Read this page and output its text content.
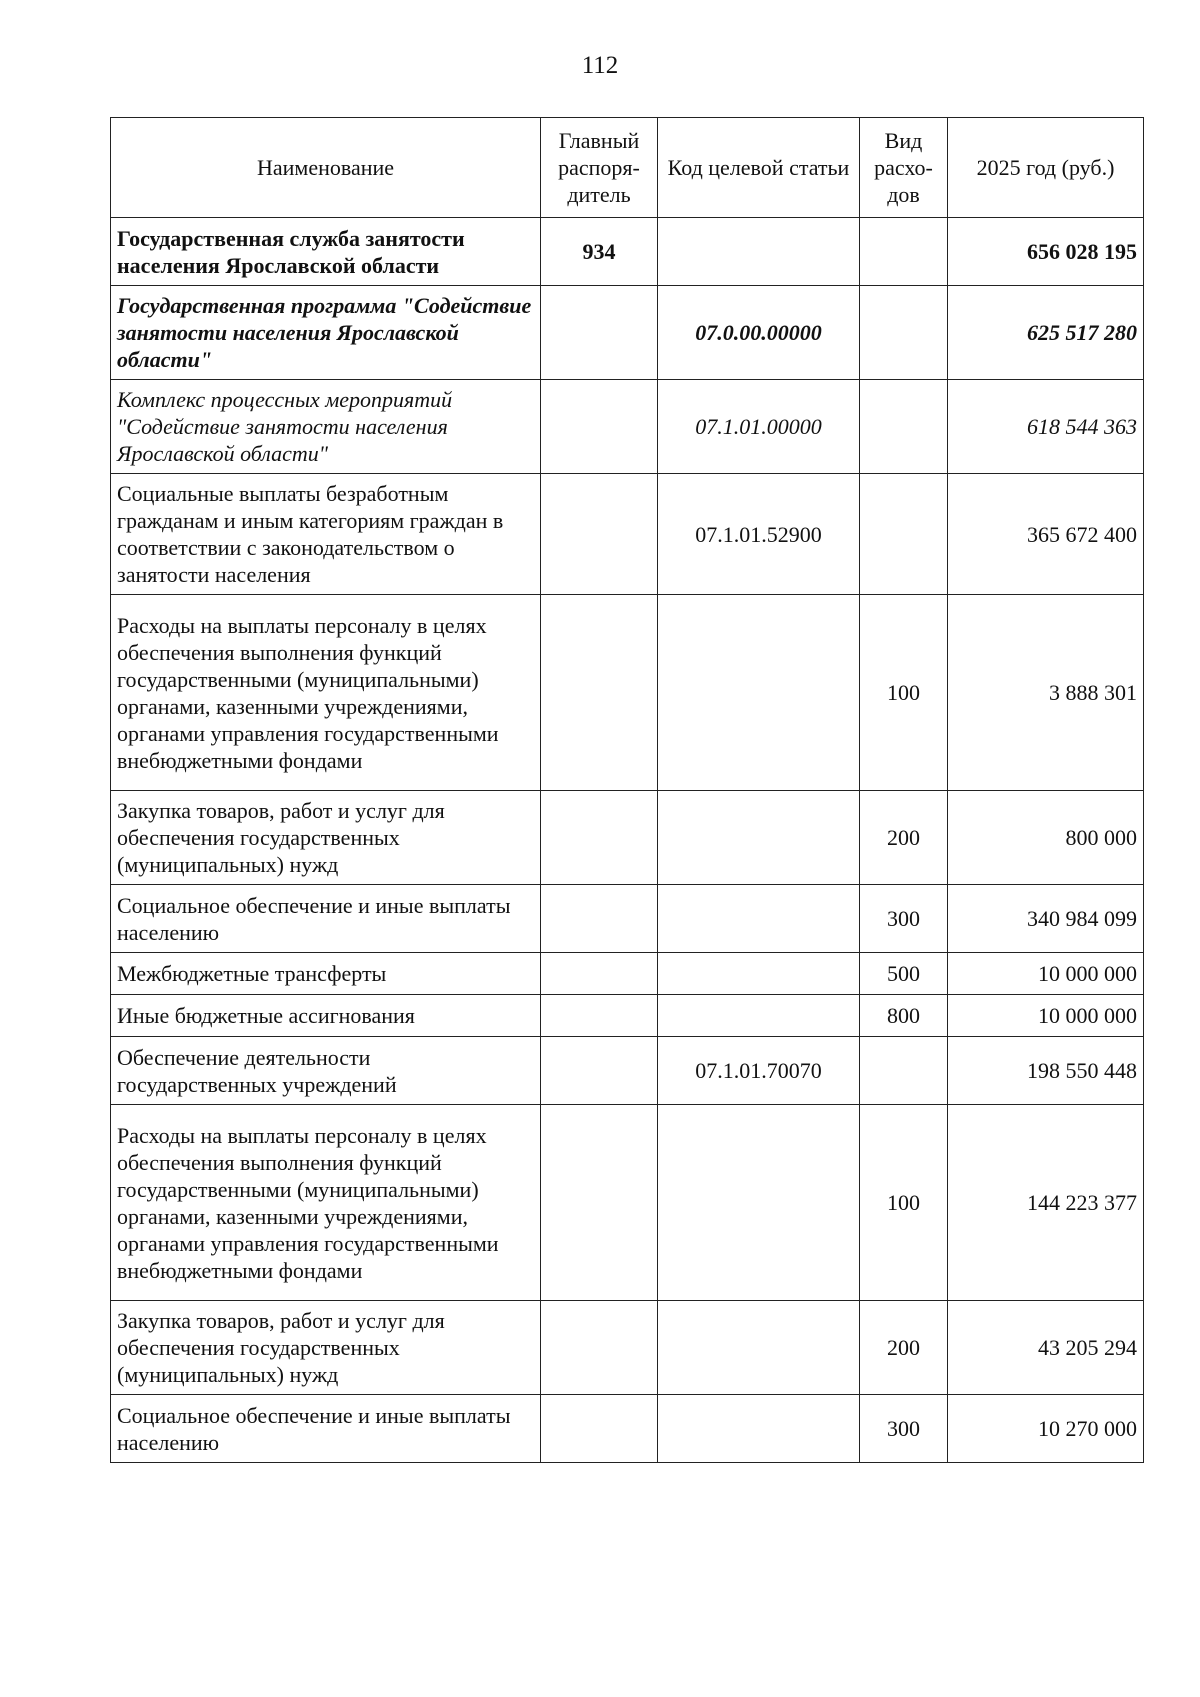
112
Наименование	Главный распоря-дитель	Код целевой статьи	Вид расхо-дов	2025 год (руб.)
Государственная служба занятости населения Ярославской области	934			656 028 195
Государственная программа "Содействие занятости населения Ярославской области"		07.0.00.00000		625 517 280
Комплекс процессных мероприятий "Содействие занятости населения Ярославской области"		07.1.01.00000		618 544 363
Социальные выплаты безработным гражданам и иным категориям граждан в соответствии с законодательством о занятости населения		07.1.01.52900		365 672 400
Расходы на выплаты персоналу в целях обеспечения выполнения функций государственными (муниципальными) органами, казенными учреждениями, органами управления государственными внебюджетными фондами			100	3 888 301
Закупка товаров, работ и услуг для обеспечения государственных (муниципальных) нужд			200	800 000
Социальное обеспечение и иные выплаты населению			300	340 984 099
Межбюджетные трансферты			500	10 000 000
Иные бюджетные ассигнования			800	10 000 000
Обеспечение деятельности государственных учреждений		07.1.01.70070		198 550 448
Расходы на выплаты персоналу в целях обеспечения выполнения функций государственными (муниципальными) органами, казенными учреждениями, органами управления государственными внебюджетными фондами			100	144 223 377
Закупка товаров, работ и услуг для обеспечения государственных (муниципальных) нужд			200	43 205 294
Социальное обеспечение и иные выплаты населению			300	10 270 000
